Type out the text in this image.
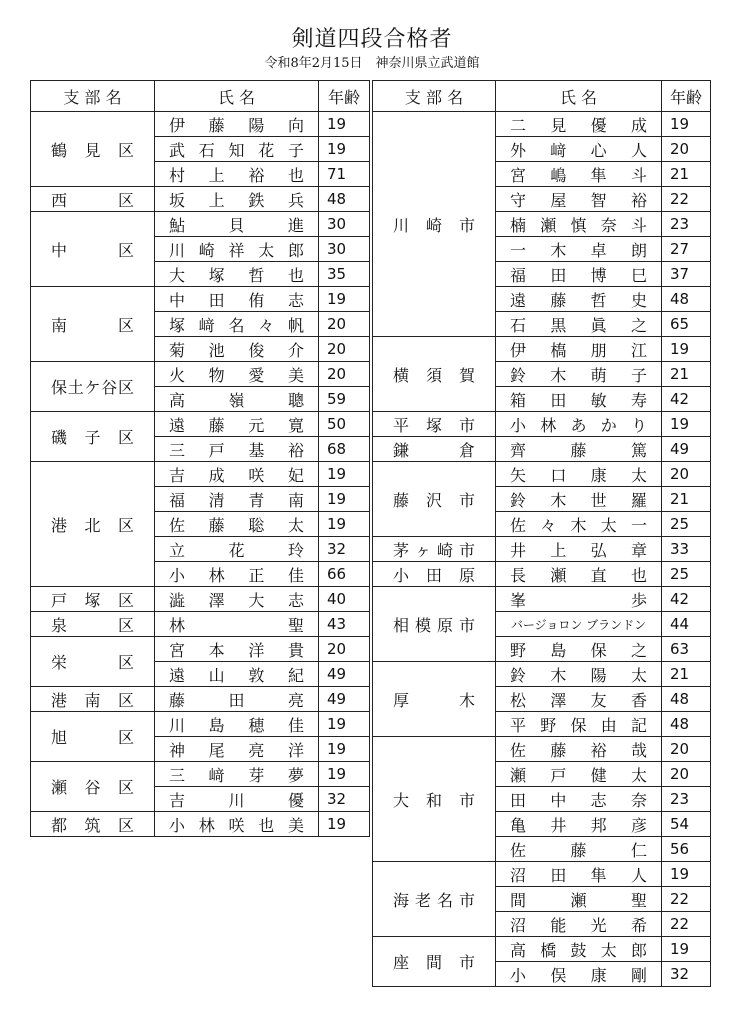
剣道四段合格者
令和8年2月15日　神奈川県立武道館
支 部 名	氏 名	年齢
鶴見区	伊藤陽向	19
	武石知花子	19
	村上裕也	71
西区	坂上鉄兵	48
中区	鮎貝進	30
	川崎祥太郎	30
	大塚哲也	35
南区	中田侑志	19
	塚﨑名々帆	20
	菊池俊介	20
保土ケ谷区	火物愛美	20
	高嶺聰	59
磯子区	遠藤元寛	50
	三戸基裕	68
港北区	吉成咲妃	19
	福清青南	19
	佐藤聡太	19
	立花玲	32
	小林正佳	66
戸塚区	澁澤大志	40
泉区	林聖	43
栄区	宮本洋貴	20
	遠山敦紀	49
港南区	藤田亮	49
旭区	川島穂佳	19
	神尾亮洋	19
瀬谷区	三﨑芽夢	19
	吉川優	32
都筑区	小林咲也美	19
支 部 名	氏 名	年齢
川崎市	二見優成	19
	外﨑心人	20
	宮嶋隼斗	21
	守屋智裕	22
	楠瀬慎奈斗	23
	一木卓朗	27
	福田博巳	37
	遠藤哲史	48
	石黒眞之	65
横須賀	伊槗朋江	19
	鈴木萌子	21
	箱田敏寿	42
平塚市	小林あかり	19
鎌倉	齊藤篤	49
藤沢市	矢口康太	20
	鈴木世羅	21
	佐々木太一	25
茅ヶ崎市	井上弘章	33
小田原	長瀬直也	25
相模原市	峯歩	42
	バージョロン ブランドン	44
	野島保之	63
厚木	鈴木陽太	21
	松澤友香	48
	平野保由記	48
大和市	佐藤裕哉	20
	瀬戸健太	20
	田中志奈	23
	亀井邦彦	54
	佐藤仁	56
海老名市	沼田隼人	19
	間瀬聖	22
	沼能光希	22
座間市	高橋鼓太郎	19
	小俣康剛	32
